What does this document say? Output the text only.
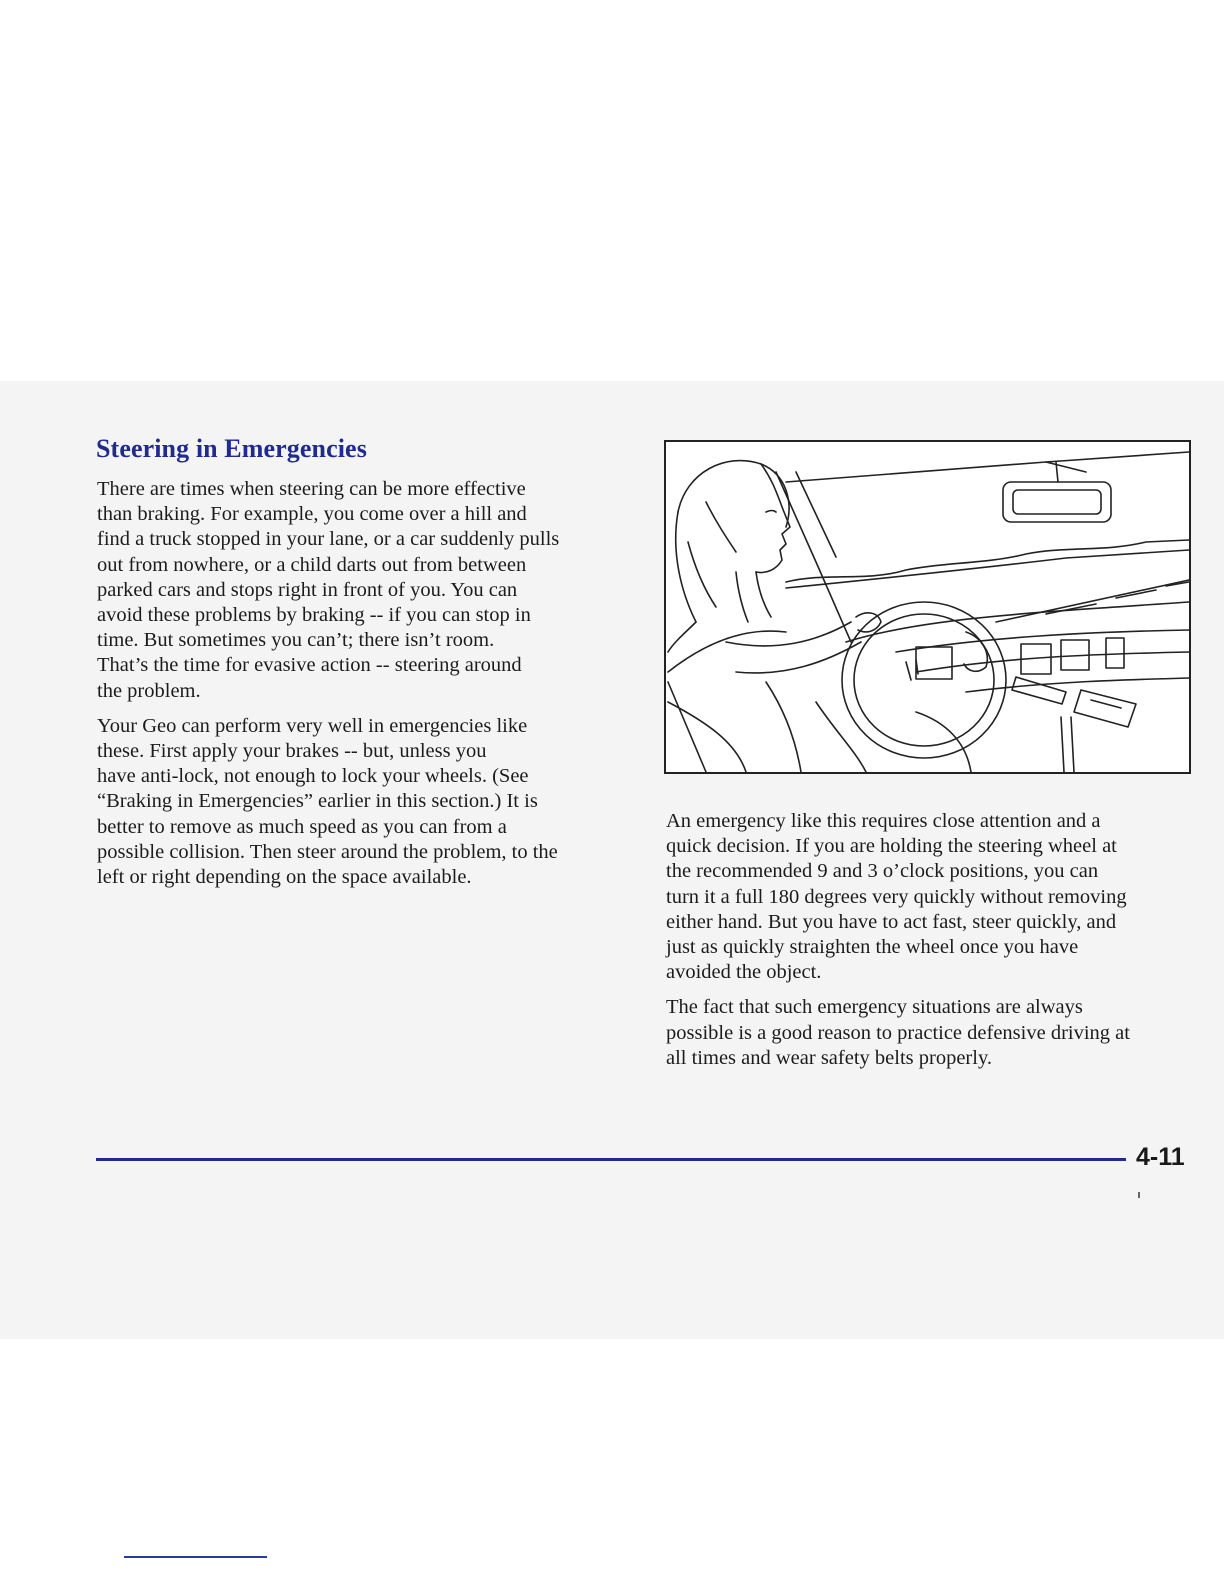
Steering in Emergencies

There are times when steering can be more effective
than braking. For example, you come over a hill and
find a truck stopped in your lane, or a car suddenly pulls
out from nowhere, or a child darts out from between
parked cars and stops right in front of you. You can
avoid these problems by braking -- if you can stop in
time. But sometimes you can’t; there isn’t room.
That’s the time for evasive action -- steering around
the problem.

Your Geo can perform very well in emergencies like
these. First apply your brakes -- but, unless you
have anti-lock, not enough to lock your wheels. (See
“Braking in Emergencies” earlier in this section.) It is
better to remove as much speed as you can from a
possible collision. Then steer around the problem, to the
left or right depending on the space available.

An emergency like this requires close attention and a
quick decision. If you are holding the steering wheel at
the recommended 9 and 3 o’clock positions, you can
turn it a full 180 degrees very quickly without removing
either hand. But you have to act fast, steer quickly, and
just as quickly straighten the wheel once you have
avoided the object.

The fact that such emergency situations are always
possible is a good reason to practice defensive driving at
all times and wear safety belts properly.

4-11
